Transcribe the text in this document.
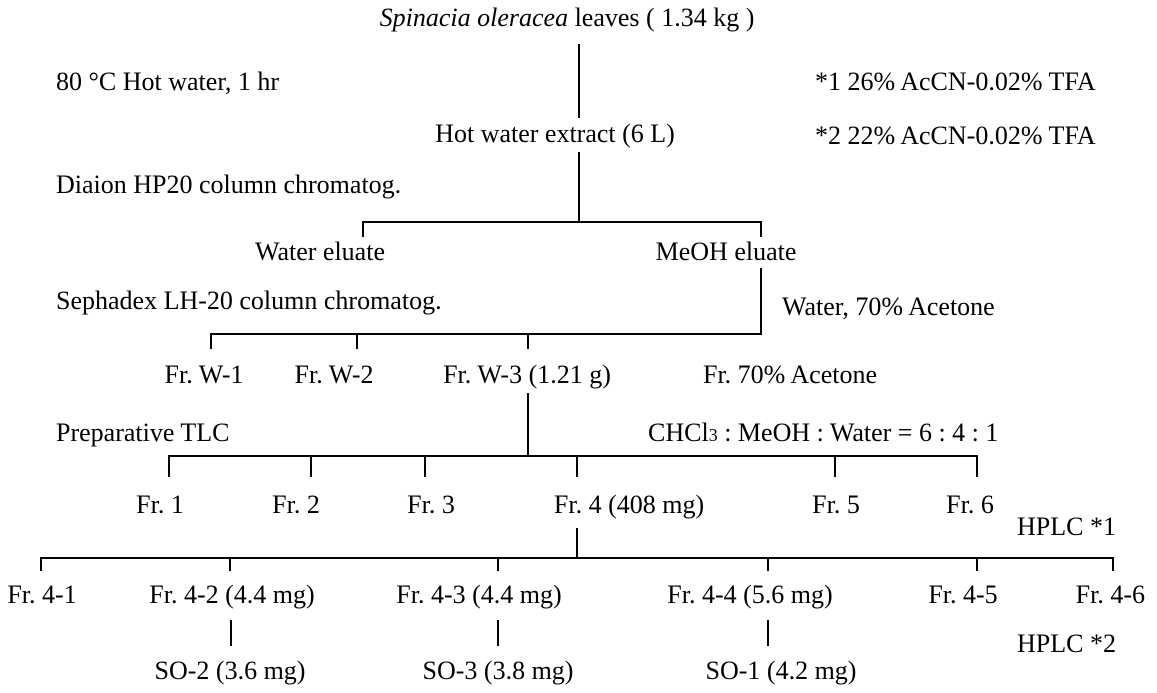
Spinacia oleracea leaves ( 1.34 kg )
80 °C Hot water, 1 hr	*1 26% AcCN-0.02% TFA
*2 22% AcCN-0.02% TFA
Diaion HP20 column chromatog.
Sephadex LH-20 column chromatog.	Water, 70% Acetone
Preparative TLC	CHCl3 : MeOH : Water = 6 : 4 : 1
HPLC *1
HPLC *2
Hot water extract (6 L)
Water eluate	MeOH eluate
Fr. W-1 Fr. W-2	Fr. W-3 (1.21 g)	Fr. 70% Acetone
Fr. 1	Fr. 2	Fr. 3	Fr. 4 (408 mg)	Fr. 5	Fr. 6
Fr. 4-1	Fr. 4-2 (4.4 mg)	Fr. 4-3 (4.4 mg)	Fr. 4-4 (5.6 mg)	Fr. 4-5	Fr. 4-6
SO-2 (3.6 mg)	SO-3 (3.8 mg)	SO-1 (4.2 mg)
